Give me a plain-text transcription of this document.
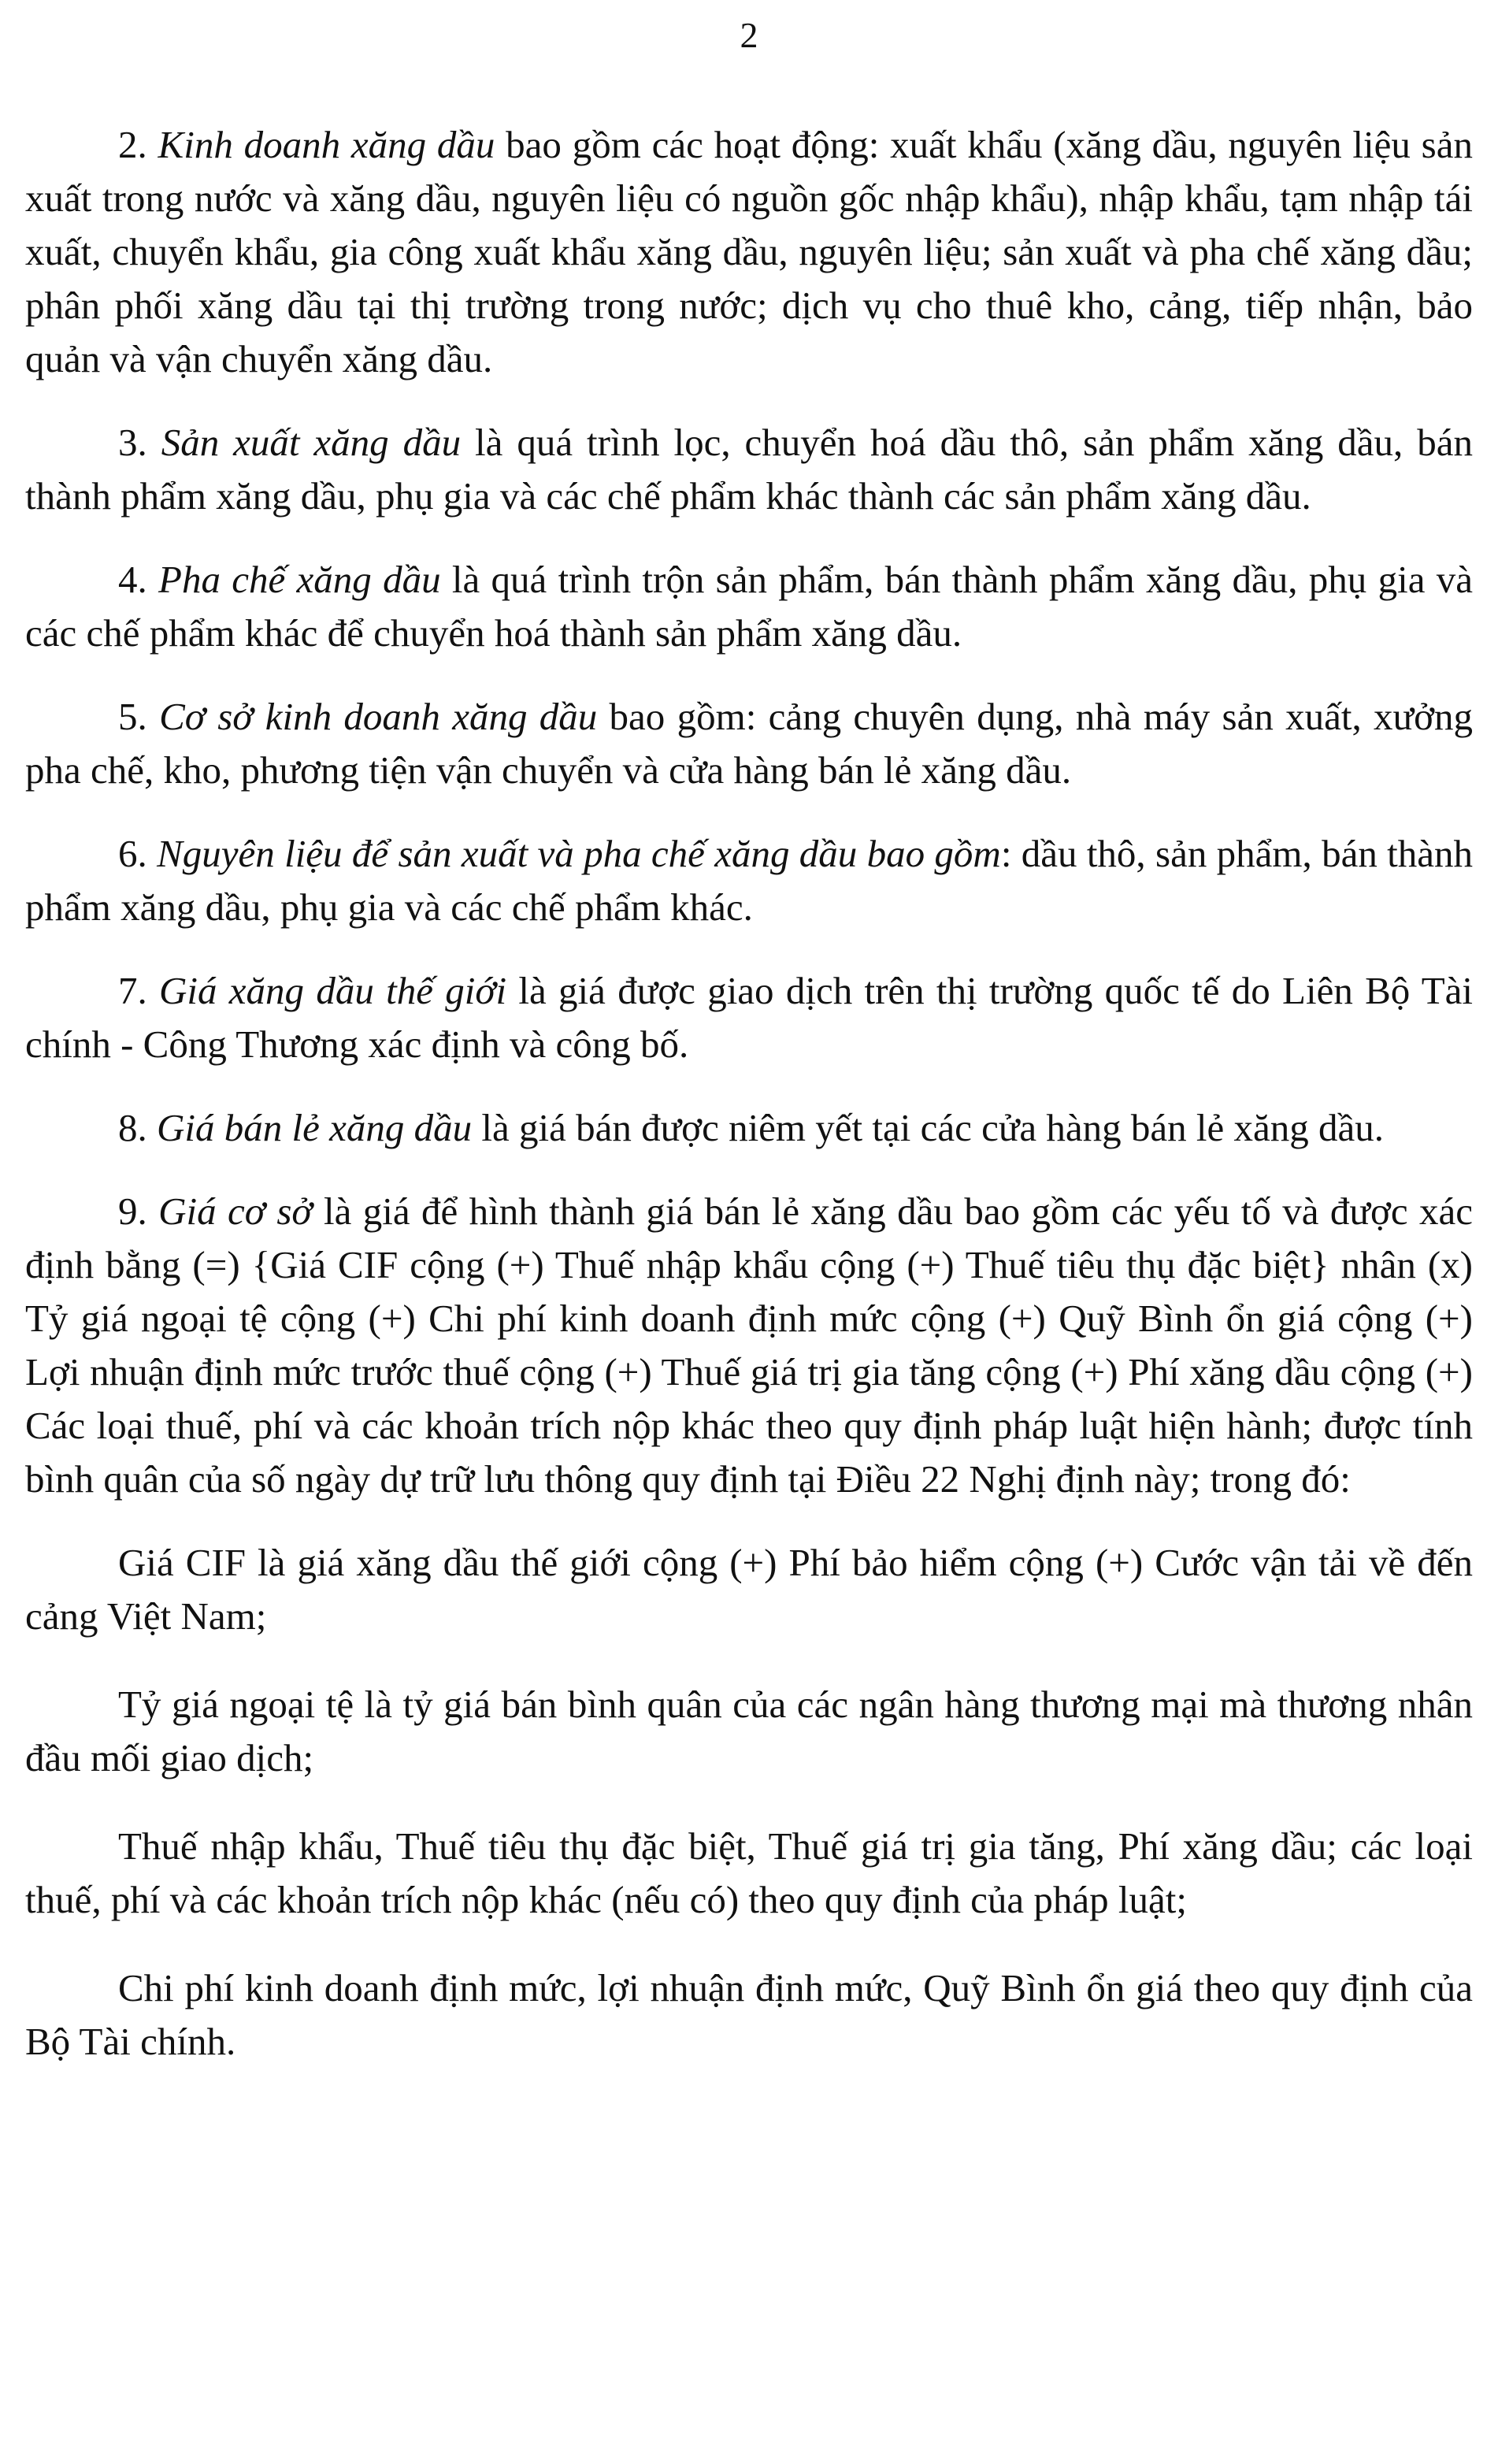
2

2. Kinh doanh xăng dầu bao gồm các hoạt động: xuất khẩu (xăng dầu, nguyên liệu sản xuất trong nước và xăng dầu, nguyên liệu có nguồn gốc nhập khẩu), nhập khẩu, tạm nhập tái xuất, chuyển khẩu, gia công xuất khẩu xăng dầu, nguyên liệu; sản xuất và pha chế xăng dầu; phân phối xăng dầu tại thị trường trong nước; dịch vụ cho thuê kho, cảng, tiếp nhận, bảo quản và vận chuyển xăng dầu.

3. Sản xuất xăng dầu là quá trình lọc, chuyển hoá dầu thô, sản phẩm xăng dầu, bán thành phẩm xăng dầu, phụ gia và các chế phẩm khác thành các sản phẩm xăng dầu.

4. Pha chế xăng dầu là quá trình trộn sản phẩm, bán thành phẩm xăng dầu, phụ gia và các chế phẩm khác để chuyển hoá thành sản phẩm xăng dầu.

5. Cơ sở kinh doanh xăng dầu bao gồm: cảng chuyên dụng, nhà máy sản xuất, xưởng pha chế, kho, phương tiện vận chuyển và cửa hàng bán lẻ xăng dầu.

6. Nguyên liệu để sản xuất và pha chế xăng dầu bao gồm: dầu thô, sản phẩm, bán thành phẩm xăng dầu, phụ gia và các chế phẩm khác.

7. Giá xăng dầu thế giới là giá được giao dịch trên thị trường quốc tế do Liên Bộ Tài chính - Công Thương xác định và công bố.

8. Giá bán lẻ xăng dầu là giá bán được niêm yết tại các cửa hàng bán lẻ xăng dầu.

9. Giá cơ sở là giá để hình thành giá bán lẻ xăng dầu bao gồm các yếu tố và được xác định bằng (=) {Giá CIF cộng (+) Thuế nhập khẩu cộng (+) Thuế tiêu thụ đặc biệt} nhân (x) Tỷ giá ngoại tệ cộng (+) Chi phí kinh doanh định mức cộng (+) Quỹ Bình ổn giá cộng (+) Lợi nhuận định mức trước thuế cộng (+) Thuế giá trị gia tăng cộng (+) Phí xăng dầu cộng (+) Các loại thuế, phí và các khoản trích nộp khác theo quy định pháp luật hiện hành; được tính bình quân của số ngày dự trữ lưu thông quy định tại Điều 22 Nghị định này; trong đó:

Giá CIF là giá xăng dầu thế giới cộng (+) Phí bảo hiểm cộng (+) Cước vận tải về đến cảng Việt Nam;

Tỷ giá ngoại tệ là tỷ giá bán bình quân của các ngân hàng thương mại mà thương nhân đầu mối giao dịch;

Thuế nhập khẩu, Thuế tiêu thụ đặc biệt, Thuế giá trị gia tăng, Phí xăng dầu; các loại thuế, phí và các khoản trích nộp khác (nếu có) theo quy định của pháp luật;

Chi phí kinh doanh định mức, lợi nhuận định mức, Quỹ Bình ổn giá theo quy định của Bộ Tài chính.
